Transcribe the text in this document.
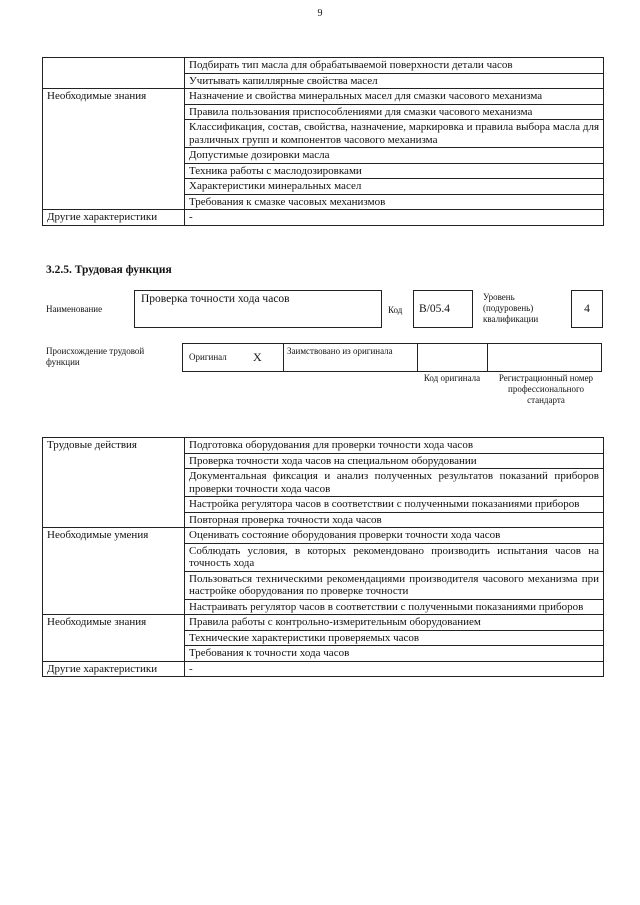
9
	Подбирать тип масла для обрабатываемой поверхности детали часов
	Учитывать капиллярные свойства масел
Необходимые знания	Назначение и свойства минеральных масел для смазки часового механизма
	Правила пользования приспособлениями для смазки часового механизма
	Классификация, состав, свойства, назначение, маркировка и правила выбора масла для различных групп и компонентов часового механизма
	Допустимые дозировки масла
	Техника работы с маслодозировками
	Характеристики минеральных масел
	Требования к смазке часовых механизмов
Другие характеристики	-
3.2.5. Трудовая функция
Наименование
Проверка точности хода часов
Код	B/05.4
Уровень (подуровень) квалификации
4
Происхождение трудовой функции	Оригинал X	Заимствовано из оригинала
Код оригинала	Регистрационный номер профессионального стандарта
Трудовые действия	Подготовка оборудования для проверки точности хода часов
	Проверка точности хода часов на специальном оборудовании
	Документальная фиксация и анализ полученных результатов показаний приборов проверки точности хода часов
	Настройка регулятора часов в соответствии с полученными показаниями приборов
	Повторная проверка точности хода часов
Необходимые умения	Оценивать состояние оборудования проверки точности хода часов
	Соблюдать условия, в которых рекомендовано производить испытания часов на точность хода
	Пользоваться техническими рекомендациями производителя часового механизма при настройке оборудования по проверке точности
	Настраивать регулятор часов в соответствии с полученными показаниями приборов
Необходимые знания	Правила работы с контрольно-измерительным оборудованием
	Технические характеристики проверяемых часов
	Требования к точности хода часов
Другие характеристики	-
